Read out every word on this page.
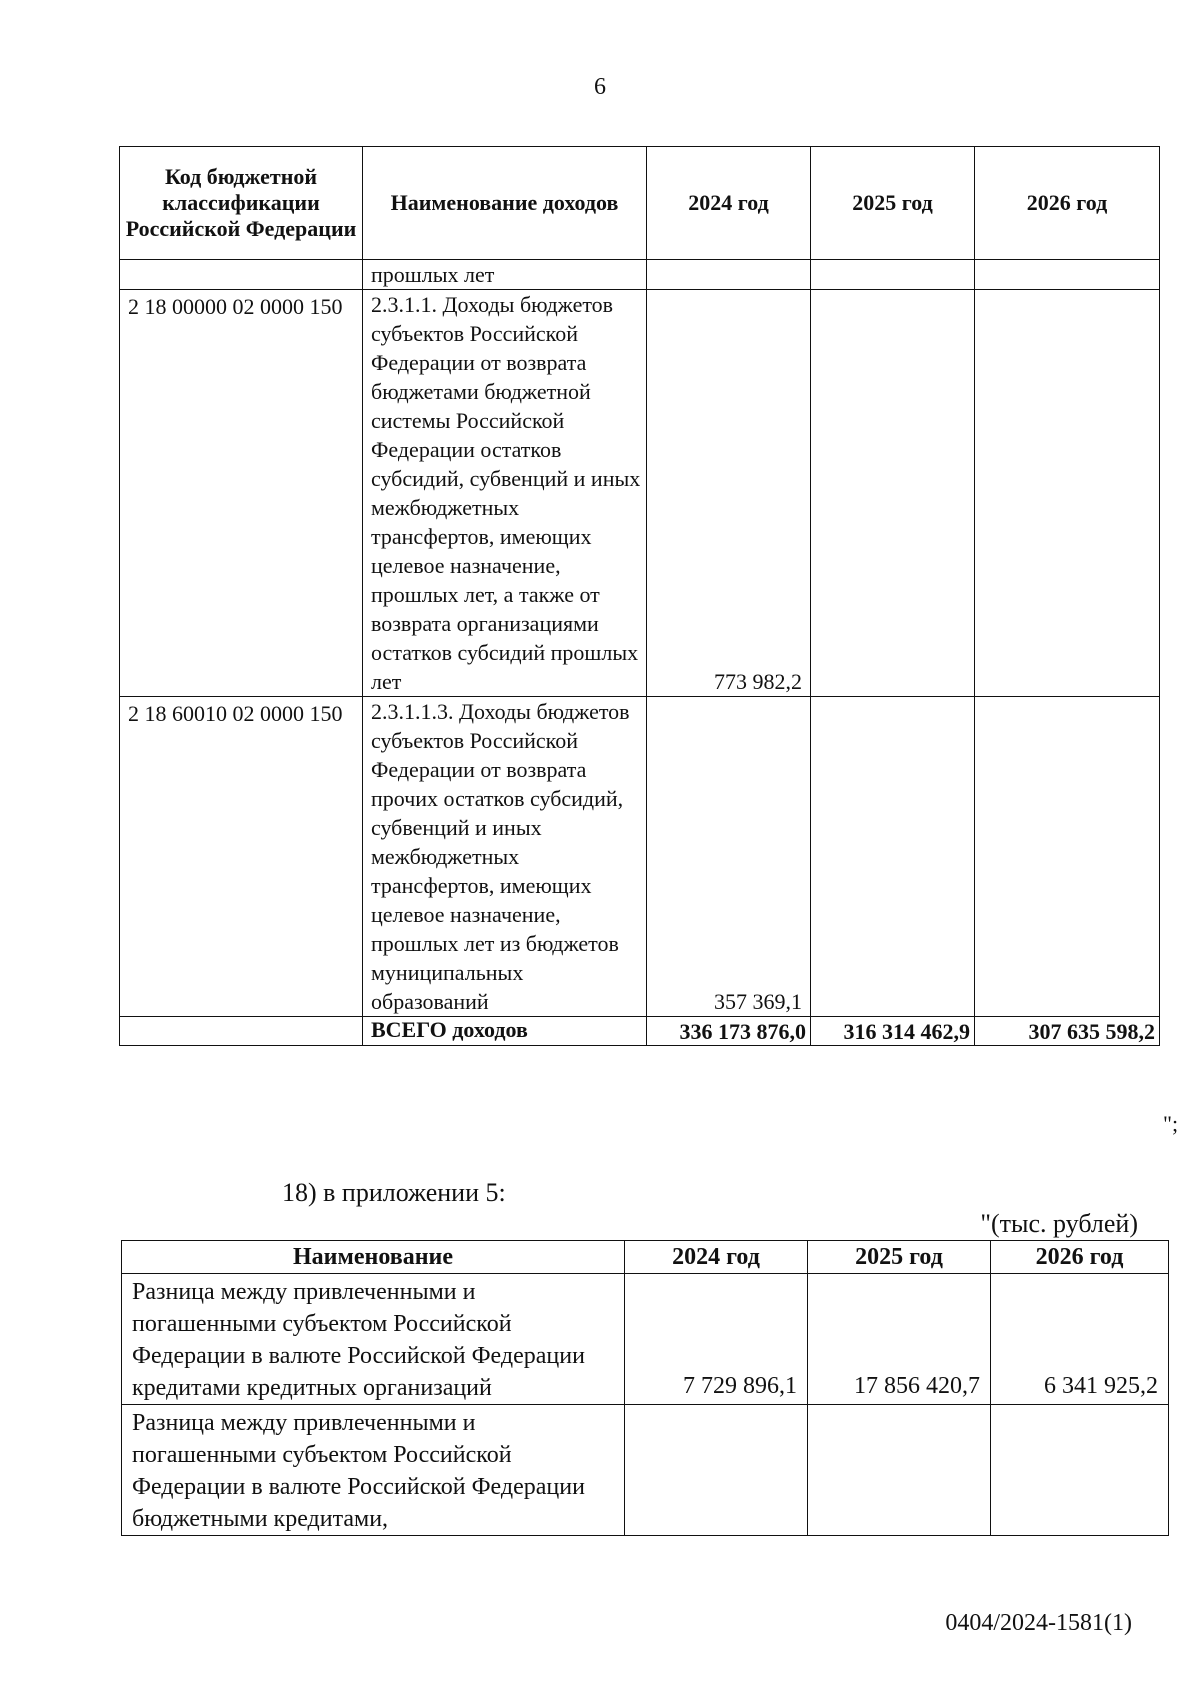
6
Код бюджетной классификации Российской Федерации	Наименование доходов	2024 год	2025 год	2026 год
	прошлых лет			
2 18 00000 02 0000 150	2.3.1.1. Доходы бюджетов субъектов Российской Федерации от возврата бюджетами бюджетной системы Российской Федерации остатков субсидий, субвенций и иных межбюджетных трансфертов, имеющих целевое назначение, прошлых лет, а также от возврата организациями остатков субсидий прошлых лет	773 982,2		
2 18 60010 02 0000 150	2.3.1.1.3. Доходы бюджетов субъектов Российской Федерации от возврата прочих остатков субсидий, субвенций и иных межбюджетных трансфертов, имеющих целевое назначение, прошлых лет из бюджетов муниципальных образований	357 369,1		
	ВСЕГО доходов	336 173 876,0	316 314 462,9	307 635 598,2
";
18) в приложении 5:
"(тыс. рублей)
Наименование	2024 год	2025 год	2026 год
Разница между привлеченными и погашенными субъектом Российской Федерации в валюте Российской Федерации кредитами кредитных организаций	7 729 896,1	17 856 420,7	6 341 925,2
Разница между привлеченными и погашенными субъектом Российской Федерации в валюте Российской Федерации бюджетными кредитами,			
0404/2024-1581(1)
